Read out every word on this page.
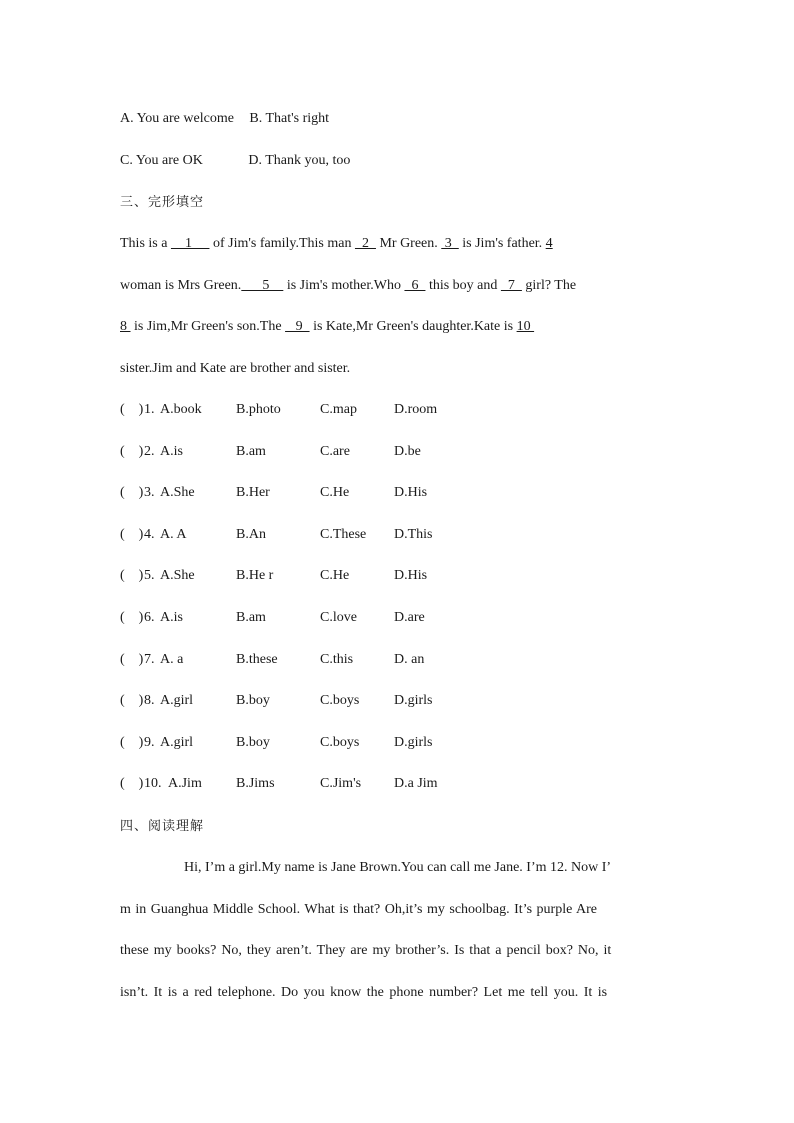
A. You are welcome B. That's right
C. You are OK	D. Thank you, too
三、完形填空
This is a     1      of Jim's family.This man   2   Mr Green.  3   is Jim's father. 4
woman is Mrs Green.      5     is Jim's mother.Who   6   this boy and   7   girl? The
8  is Jim,Mr Green's son.The    9   is Kate,Mr Green's daughter.Kate is 10
sister.Jim and Kate are brother and sister.
(    ) 1. A.book B.photo	C.map	D.room
(    ) 2. A.is	B.am	C.are	D.be
(    ) 3. A.She	B.Her	C.He	D.His
(    ) 4. A. A	B.An	C.These D.This
(    ) 5. A.She	B.He r	C.He	D.His
(    ) 6. A.is	B.am	C.love	D.are
(    ) 7. A. a	B.these	C.this	D. an
(    ) 8. A.girl	B.boy	C.boys D.girls
(    ) 9. A.girl	B.boy	C.boys D.girls
(    ) 10. A.Jim B.Jims	C.Jim's D.a Jim
四、阅读理解
Hi, I’m a girl.My name is Jane Brown.You can call me Jane. I’m 12. Now I’
m in Guanghua Middle School. What is that? Oh,it’s my schoolbag. It’s purple Are
these my books? No, they aren’t. They are my brother’s. Is that a pencil box? No, it
isn’t. It is a red telephone. Do you know the phone number? Let me tell you. It is
